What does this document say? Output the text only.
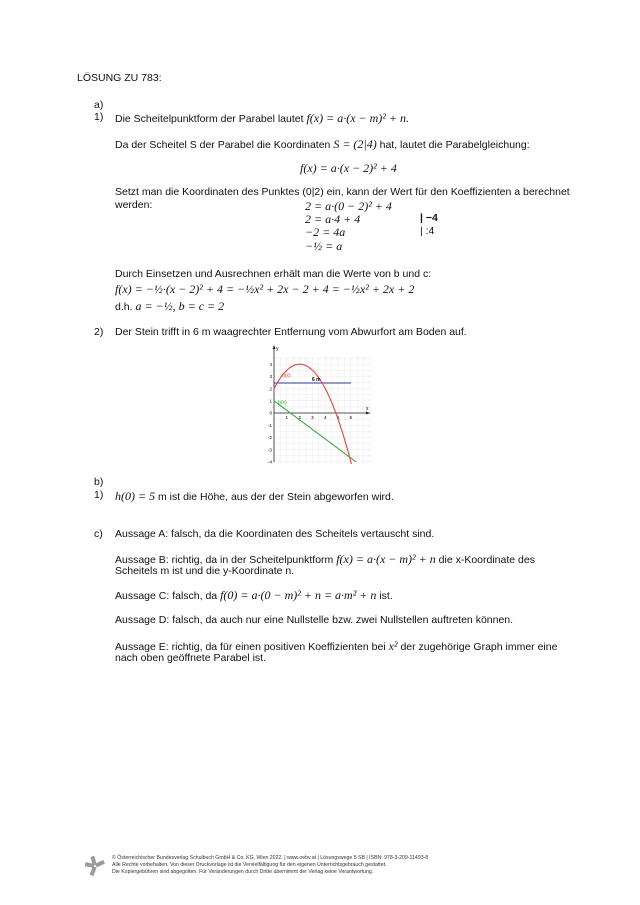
LÖSUNG ZU 783:
a)
1) Die Scheitelpunktform der Parabel lautet f(x) = a·(x − m)² + n.
Da der Scheitel S der Parabel die Koordinaten S = (2|4) hat, lautet die Parabelgleichung:
f(x) = a·(x − 2)² + 4
Setzt man die Koordinaten des Punktes (0|2) ein, kann der Wert für den Koeffizienten a berechnet
werden:	2 = a·(0 − 2)² + 4
2 = a·4 + 4
−2 = 4a
−½ = a
| −4
| :4
Durch Einsetzen und Ausrechnen erhält man die Werte von b und c:
f(x) = −½·(x − 2)² + 4 = −½x² + 2x − 2 + 4 = −½x² + 2x + 2
d.h. a = −½, b = c = 2
2) Der Stein trifft in 6 m waagrechter Entfernung vom Abwurfort am Boden auf.
y
x
4
3
2
1
0
-1
-2
-3
-4
1 2 3 4 5 6
h(x)
b(x)
6 m
b)
1) h(0) = 5 m ist die Höhe, aus der der Stein abgeworfen wird.
c) Aussage A: falsch, da die Koordinaten des Scheitels vertauscht sind.
Aussage B: richtig, da in der Scheitelpunktform f(x) = a·(x − m)² + n die x-Koordinate des
Scheitels m ist und die y-Koordinate n.
Aussage C: falsch, da f(0) = a·(0 − m)² + n = a·m² + n ist.
Aussage D: falsch, da auch nur eine Nullstelle bzw. zwei Nullstellen auftreten können.
Aussage E: richtig, da für einen positiven Koeffizienten bei x² der zugehörige Graph immer eine
nach oben geöffnete Parabel ist.
© Österreichischer Bundesverlag Schulbuch GmbH & Co. KG, Wien 2022. | www.oebv.at | Lösungswege 5 SB | ISBN: 978-3-209-11493-8
Alle Rechte vorbehalten. Von dieser Druckvorlage ist die Vervielfältigung für den eigenen Unterrichtsgebrauch gestattet.
Die Kopiergebühren sind abgegolten. Für Veränderungen durch Dritte übernimmt der Verlag keine Verantwortung.
